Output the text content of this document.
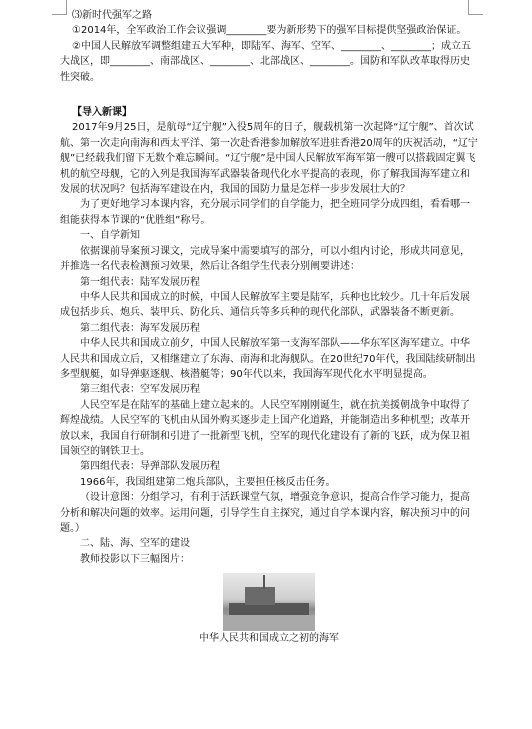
⑶新时代强军之路

①2014年，全军政治工作会议强调________要为新形势下的强军目标提供坚强政治保证。

②中国人民解放军调整组建五大军种，即陆军、海军、空军、________、________；成立五大战区，即________、南部战区、________、北部战区、________。国防和军队改革取得历史性突破。

【导入新课】

2017年9月25日，是航母“辽宁舰”入役5周年的日子，舰载机第一次起降“辽宁舰”、首次试航、第一次走向南海和西太平洋、第一次赴香港参加解放军进驻香港20周年的庆祝活动，“辽宁舰”已经载我们留下无数个难忘瞬间。“辽宁舰”是中国人民解放军海军第一艘可以搭载固定翼飞机的航空母舰，它的入列是我国海军武器装备现代化水平提高的表现，你了解我国海军建立和发展的状况吗？包括海军建设在内，我国的国防力量是怎样一步步发展壮大的？

为了更好地学习本课内容，充分展示同学们的自学能力，把全班同学分成四组，看看哪一组能获得本节课的“优胜组”称号。

一、自学新知

依据课前导案预习课文，完成导案中需要填写的部分，可以小组内讨论，形成共同意见，并推选一名代表检测预习效果，然后让各组学生代表分别阐要讲述：

第一组代表：陆军发展历程

中华人民共和国成立的时候，中国人民解放军主要是陆军，兵种也比较少。几十年后发展成包括步兵、炮兵、装甲兵、防化兵、通信兵等多兵种的现代化部队，武器装备不断更新。

第二组代表：海军发展历程

中华人民共和国成立前夕，中国人民解放军第一支海军部队——华东军区海军建立。中华人民共和国成立后，又相继建立了东海、南海和北海舰队。在20世纪70年代，我国陆续研制出多型舰艇，如导弹驱逐舰、核潜艇等；90年代以来，我国海军现代化水平明显提高。

第三组代表：空军发展历程

人民空军是在陆军的基础上建立起来的。人民空军刚刚诞生，就在抗美援朝战争中取得了辉煌战绩。人民空军的飞机由从国外购买逐步走上国产化道路，并能制造出多种机型；改革开放以来，我国自行研制和引进了一批新型飞机，空军的现代化建设有了新的飞跃，成为保卫祖国领空的钢铁卫士。

第四组代表：导弹部队发展历程

1966年，我国组建第二炮兵部队，主要担任核反击任务。

（设计意图：分组学习，有利于活跃课堂气氛，增强竞争意识，提高合作学习能力，提高分析和解决问题的效率。运用问题，引导学生自主探究，通过自学本课内容，解决预习中的问题。）

二、陆、海、空军的建设

教师投影以下三幅图片：

中华人民共和国成立之初的海军
